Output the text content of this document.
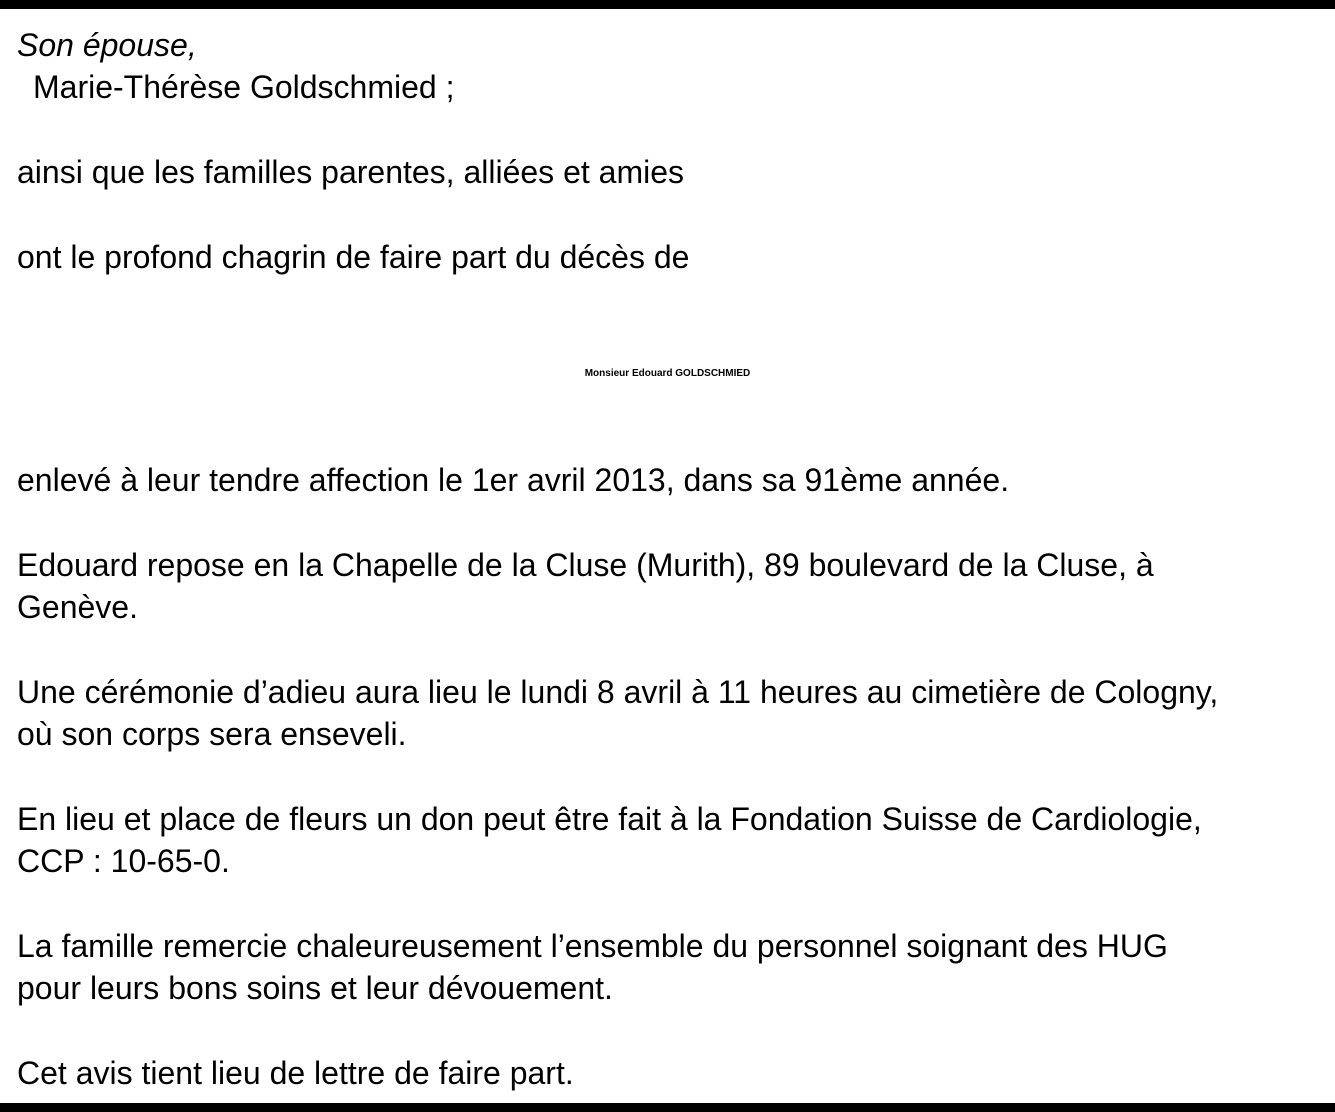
Son épouse,

Marie-Thérèse Goldschmied ;

ainsi que les familles parentes, alliées et amies

ont le profond chagrin de faire part du décès de

Monsieur Edouard GOLDSCHMIED

enlevé à leur tendre affection le 1er avril 2013, dans sa 91ème année.

Edouard repose en la Chapelle de la Cluse (Murith), 89 boulevard de la Cluse, à

Genève.

Une cérémonie d’adieu aura lieu le lundi 8 avril à 11 heures au cimetière de Cologny,

où son corps sera enseveli.

En lieu et place de fleurs un don peut être fait à la Fondation Suisse de Cardiologie,

CCP : 10-65-0.

La famille remercie chaleureusement l’ensemble du personnel soignant des HUG

pour leurs bons soins et leur dévouement.

Cet avis tient lieu de lettre de faire part.
